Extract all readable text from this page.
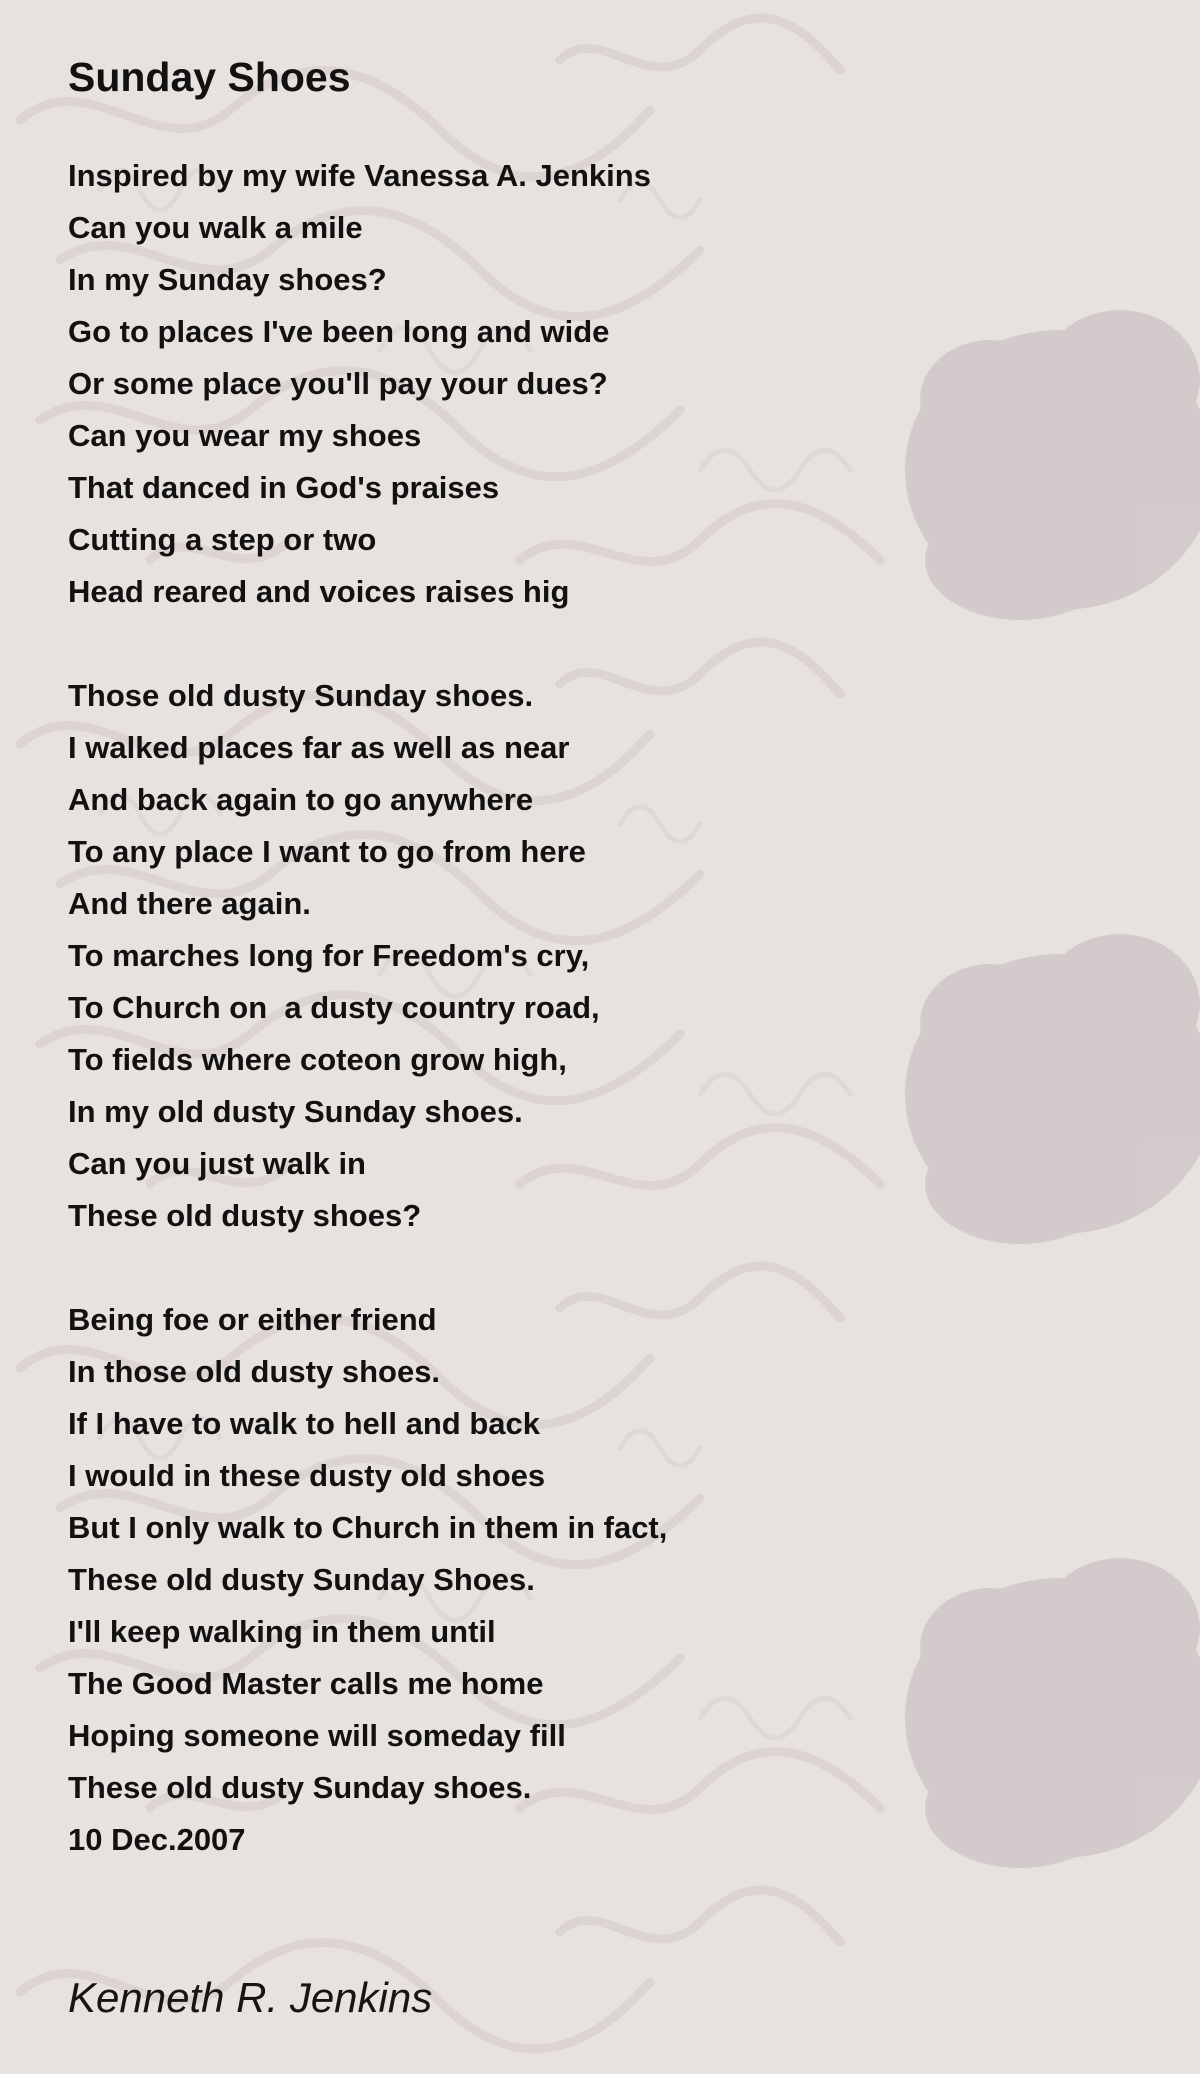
Sunday Shoes

Inspired by my wife Vanessa A. Jenkins

Can you walk a mile

In my Sunday shoes?

Go to places I've been long and wide

Or some place you'll pay your dues?

Can you wear my shoes

That danced in God's praises

Cutting a step or two

Head reared and voices raises hig

Those old dusty Sunday shoes.

I walked places far as well as near

And back again to go anywhere

To any place I want to go from here

And there again.

To marches long for Freedom's cry,

To Church on  a dusty country road,

To fields where coteon grow high,

In my old dusty Sunday shoes.

Can you just walk in

These old dusty shoes?

Being foe or either friend

In those old dusty shoes.

If I have to walk to hell and back

I would in these dusty old shoes

But I only walk to Church in them in fact,

These old dusty Sunday Shoes.

I'll keep walking in them until

The Good Master calls me home

Hoping someone will someday fill

These old dusty Sunday shoes.

10 Dec.2007

Kenneth R. Jenkins
